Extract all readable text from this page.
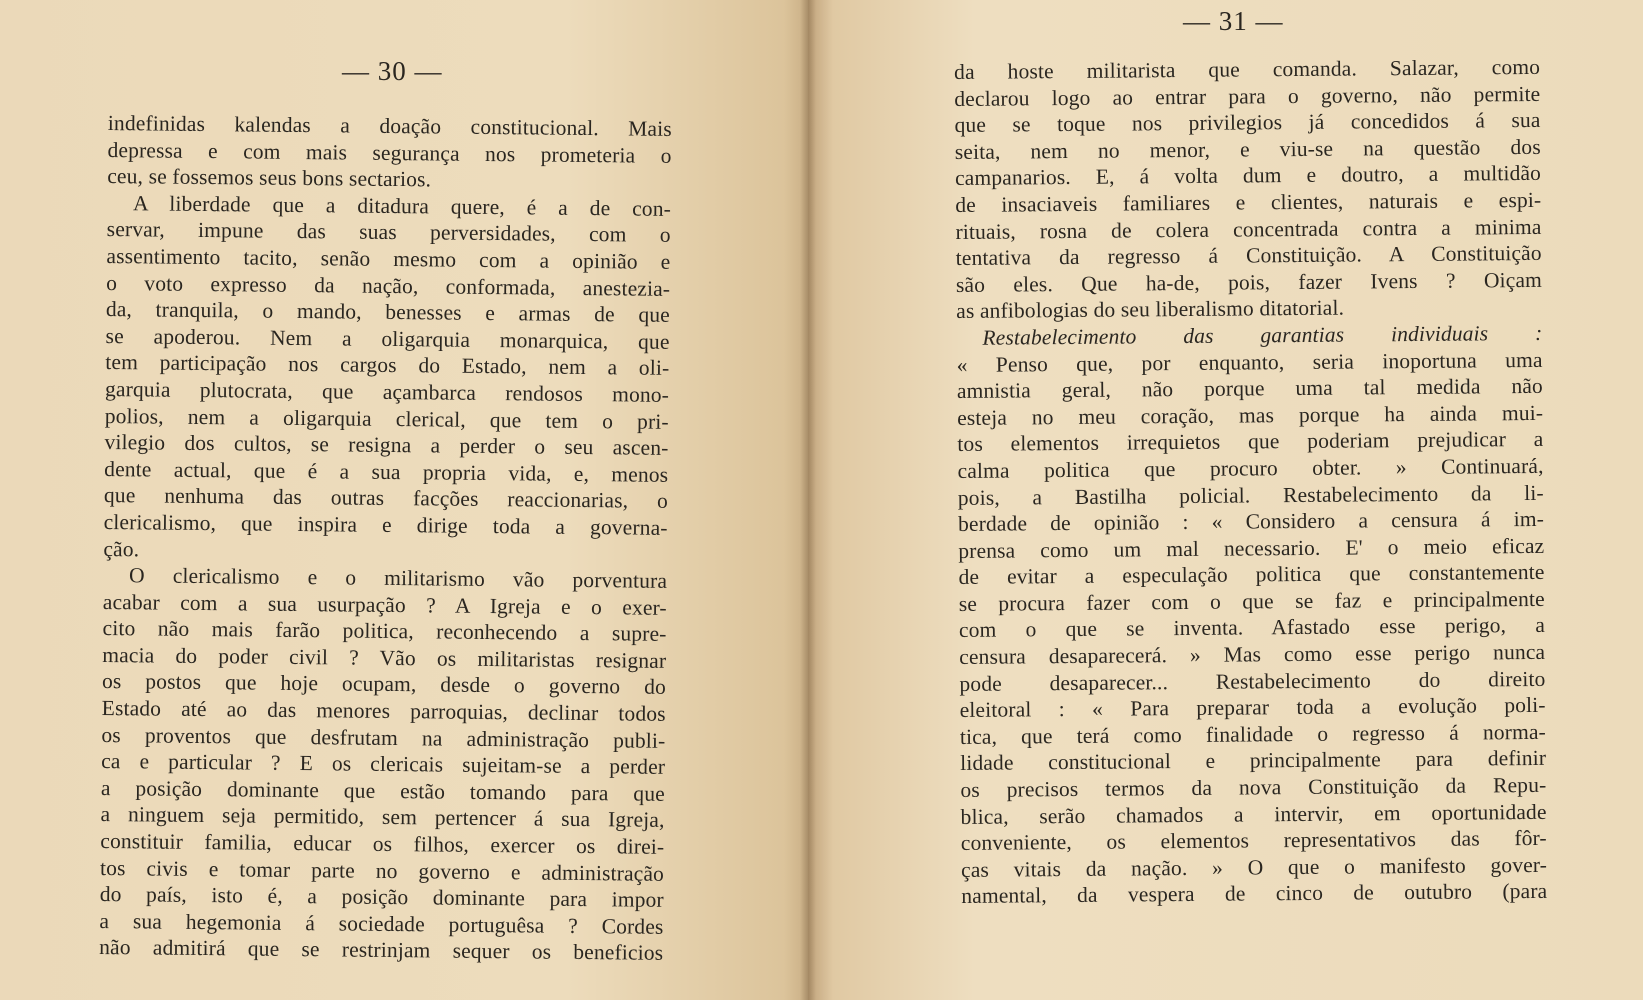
— 30 —
indefinidas kalendas a doação constitucional. Mais
depressa e com mais segurança nos prometeria o
ceu, se fossemos seus bons sectarios.
A liberdade que a ditadura quere, é a de con-
servar, impune das suas perversidades, com o
assentimento tacito, senão mesmo com a opinião e
o voto expresso da nação, conformada, anestezia-
da, tranquila, o mando, benesses e armas de que
se apoderou. Nem a oligarquia monarquica, que
tem participação nos cargos do Estado, nem a oli-
garquia plutocrata, que açambarca rendosos mono-
polios, nem a oligarquia clerical, que tem o pri-
vilegio dos cultos, se resigna a perder o seu ascen-
dente actual, que é a sua propria vida, e, menos
que nenhuma das outras facções reaccionarias, o
clericalismo, que inspira e dirige toda a governa-
ção.
O clericalismo e o militarismo vão porventura
acabar com a sua usurpação ? A Igreja e o exer-
cito não mais farão politica, reconhecendo a supre-
macia do poder civil ? Vão os militaristas resignar
os postos que hoje ocupam, desde o governo do
Estado até ao das menores parroquias, declinar todos
os proventos que desfrutam na administração publi-
ca e particular ? E os clericais sujeitam-se a perder
a posição dominante que estão tomando para que
a ninguem seja permitido, sem pertencer á sua Igreja,
constituir familia, educar os filhos, exercer os direi-
tos civis e tomar parte no governo e administração
do país, isto é, a posição dominante para impor
a sua hegemonia á sociedade portuguêsa ? Cordes
não admitirá que se restrinjam sequer os beneficios
— 31 —
da hoste militarista que comanda. Salazar, como
declarou logo ao entrar para o governo, não permite
que se toque nos privilegios já concedidos á sua
seita, nem no menor, e viu-se na questão dos
campanarios. E, á volta dum e doutro, a multidão
de insaciaveis familiares e clientes, naturais e espi-
rituais, rosna de colera concentrada contra a minima
tentativa da regresso á Constituição. A Constituição
são eles. Que ha-de, pois, fazer Ivens ? Oiçam
as anfibologias do seu liberalismo ditatorial.
Restabelecimento das garantias individuais :
« Penso que, por enquanto, seria inoportuna uma
amnistia geral, não porque uma tal medida não
esteja no meu coração, mas porque ha ainda mui-
tos elementos irrequietos que poderiam prejudicar a
calma politica que procuro obter. » Continuará,
pois, a Bastilha policial. Restabelecimento da li-
berdade de opinião : « Considero a censura á im-
prensa como um mal necessario. E' o meio eficaz
de evitar a especulação politica que constantemente
se procura fazer com o que se faz e principalmente
com o que se inventa. Afastado esse perigo, a
censura desaparecerá. » Mas como esse perigo nunca
pode desaparecer... Restabelecimento do direito
eleitoral : « Para preparar toda a evolução poli-
tica, que terá como finalidade o regresso á norma-
lidade constitucional e principalmente para definir
os precisos termos da nova Constituição da Repu-
blica, serão chamados a intervir, em oportunidade
conveniente, os elementos representativos das fôr-
ças vitais da nação. » O que o manifesto gover-
namental, da vespera de cinco de outubro (para
